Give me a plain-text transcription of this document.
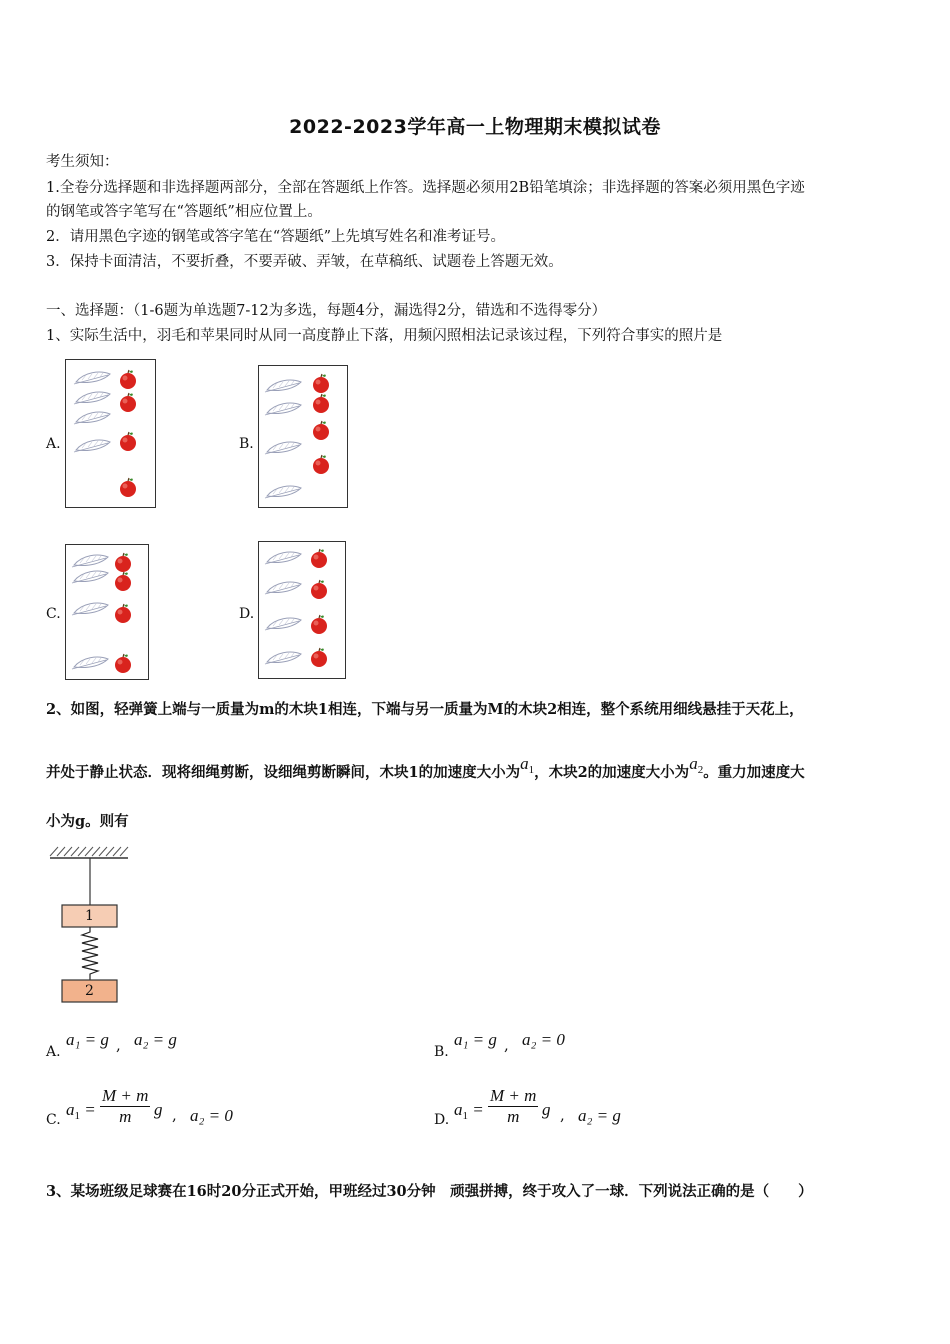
2022-2023学年高一上物理期末模拟试卷
考生须知：
1.全卷分选择题和非选择题两部分，全部在答题纸上作答。选择题必须用2B铅笔填涂；非选择题的答案必须用黑色字迹
的钢笔或答字笔写在“答题纸”相应位置上。
2．请用黑色字迹的钢笔或答字笔在“答题纸”上先填写姓名和准考证号。
3．保持卡面清洁，不要折叠，不要弄破、弄皱，在草稿纸、试题卷上答题无效。
一、选择题：（1-6题为单选题7-12为多选，每题4分，漏选得2分，错选和不选得零分）
1、实际生活中，羽毛和苹果同时从同一高度静止下落，用频闪照相法记录该过程，下列符合事实的照片是
A.	B.
C.	D.
2、如图，轻弹簧上端与一质量为m的木块1相连，下端与另一质量为M的木块2相连，整个系统用细线悬挂于天花上，
并处于静止状态．现将细绳剪断，设细绳剪断瞬间，木块1的加速度大小为$a_1$，木块2的加速度大小为$a_2$。重力加速度大
小为g。则有
1
2
A.
a₁ = g , a₂ = g
B.
a₁ = g , a₂ = 0
C.
$a_1 = \frac{M + m}{m}$ g , a₂ = 0	D.
$a_1 = \frac{M + m}{m}$ g , a₂ = g
3、某场班级足球赛在16时20分正式开始，甲班经过30分钟　顽强拼搏，终于攻入了一球．下列说法正确的是（　　）
